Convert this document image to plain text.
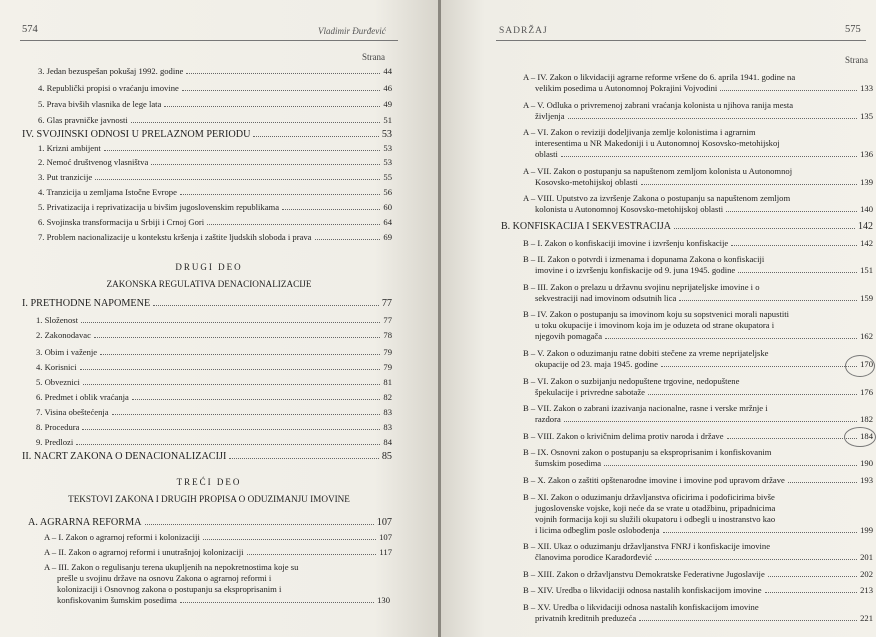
574	Vladimir Đurđević
Strana
3. Jedan bezuspešan pokušaj 1992. godine	44
4. Republički propisi o vraćanju imovine	46
5. Prava bivših vlasnika de lege lata	49
6. Glas pravničke javnosti	51
IV. SVOJINSKI ODNOSI U PRELAZNOM PERIODU	53
1. Krizni ambijent	53
2. Nemoć društvenog vlasništva	53
3. Put tranzicije	55
4. Tranzicija u zemljama Istočne Evrope	56
5. Privatizacija i reprivatizacija u bivšim jugoslovenskim republikama	60
6. Svojinska transformacija u Srbiji i Crnoj Gori	64
7. Problem nacionalizacije u kontekstu kršenja i zaštite ljudskih sloboda i prava	69
DRUGI DEO
ZAKONSKA REGULATIVA DENACIONALIZACIJE
I. PRETHODNE NAPOMENE	77
1. Složenost	77
2. Zakonodavac	78
3. Obim i važenje	79
4. Korisnici	79
5. Obveznici	81
6. Predmet i oblik vraćanja	82
7. Visina obeštećenja	83
8. Procedura	83
9. Predlozi	84
II. NACRT ZAKONA O DENACIONALIZACIJI	85
TREĆI DEO
TEKSTOVI ZAKONA I DRUGIH PROPISA O ODUZIMANJU IMOVINE
A. AGRARNA REFORMA	107
A – I. Zakon o agrarnoj reformi i kolonizaciji	107
A – II. Zakon o agrarnoj reformi i unutrašnjoj kolonizaciji	117
A – III. Zakon o regulisanju terena ukupljenih na nepokretnostima koje su
prešle u svojinu države na osnovu Zakona o agrarnoj reformi i
kolonizaciji i Osnovnog zakona o postupanju sa eksproprisanim i
konfiskovanim šumskim posedima	130
SADRŽAJ	575
Strana
A – IV. Zakon o likvidaciji agrarne reforme vršene do 6. aprila 1941. godine na
velikim posedima u Autonomnoj Pokrajini Vojvodini	133
A – V. Odluka o privremenoj zabrani vraćanja kolonista u njihova ranija mesta
življenja	135
A – VI. Zakon o reviziji dodeljivanja zemlje kolonistima i agrarnim
interesentima u NR Makedoniji i u Autonomnoj Kosovsko-metohijskoj
oblasti	136
A – VII. Zakon o postupanju sa napuštenom zemljom kolonista u Autonomnoj
Kosovsko-metohijskoj oblasti	139
A – VIII. Uputstvo za izvršenje Zakona o postupanju sa napuštenom zemljom
kolonista u Autonomnoj Kosovsko-metohijskoj oblasti	140
B. KONFISKACIJA I SEKVESTRACIJA	142
B – I. Zakon o konfiskaciji imovine i izvršenju konfiskacije	142
B – II. Zakon o potvrdi i izmenama i dopunama Zakona o konfiskaciji
imovine i o izvršenju konfiskacije od 9. juna 1945. godine	151
B – III. Zakon o prelazu u državnu svojinu neprijateljske imovine i o
sekvestraciji nad imovinom odsutnih lica	159
B – IV. Zakon o postupanju sa imovinom koju su sopstvenici morali napustiti
u toku okupacije i imovinom koja im je oduzeta od strane okupatora i
njegovih pomagača	162
B – V. Zakon o oduzimanju ratne dobiti stečene za vreme neprijateljske
okupacije od 23. maja 1945. godine	170
B – VI. Zakon o suzbijanju nedopuštene trgovine, nedopuštene
špekulacije i privredne sabotaže	176
B – VII. Zakon o zabrani izazivanja nacionalne, rasne i verske mržnje i
razdora	182
B – VIII. Zakon o krivičnim delima protiv naroda i države	184
B – IX. Osnovni zakon o postupanju sa eksproprisanim i konfiskovanim
šumskim posedima	190
B – X. Zakon o zaštiti opštenarodne imovine i imovine pod upravom države	193
B – XI. Zakon o oduzimanju državljanstva oficirima i podoficirima bivše
jugoslovenske vojske, koji neće da se vrate u otadžbinu, pripadnicima
vojnih formacija koji su služili okupatoru i odbegli u inostranstvo kao
i licima odbeglim posle oslobođenja	199
B – XII. Ukaz o oduzimanju državljanstva FNRJ i konfiskacije imovine
članovima porodice Karađorđević	201
B – XIII. Zakon o državljanstvu Demokratske Federativne Jugoslavije	202
B – XIV. Uredba o likvidaciji odnosa nastalih konfiskacijom imovine	213
B – XV. Uredba o likvidaciji odnosa nastalih konfiskacijom imovine
privatnih kreditnih preduzeća	221
